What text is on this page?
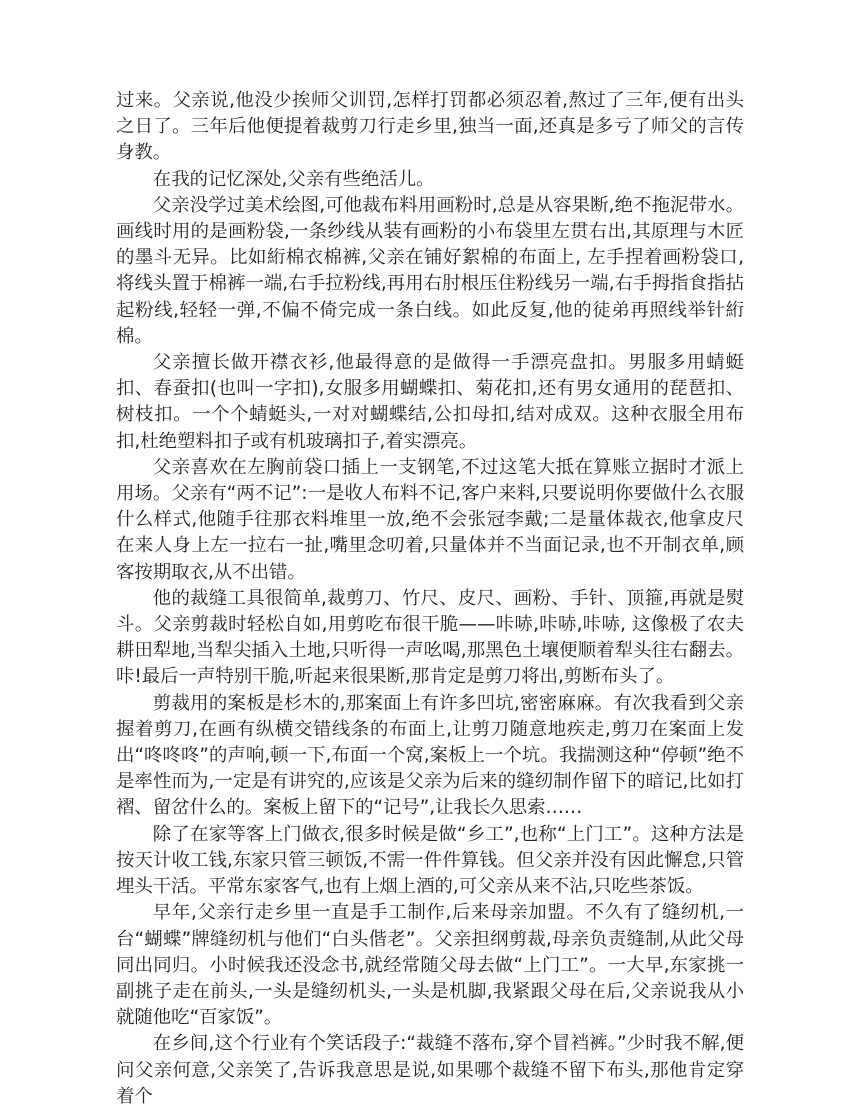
过来。父亲说,他没少挨师父训罚,怎样打罚都必须忍着,熬过了三年,便有出头之日了。三年后他便提着裁剪刀行走乡里,独当一面,还真是多亏了师父的言传身教。

在我的记忆深处,父亲有些绝活儿。

父亲没学过美术绘图,可他裁布料用画粉时,总是从容果断,绝不拖泥带水。画线时用的是画粉袋,一条纱线从装有画粉的小布袋里左贯右出,其原理与木匠的墨斗无异。比如絎棉衣棉裤,父亲在铺好絮棉的布面上, 左手捏着画粉袋口,将线头置于棉裤一端,右手拉粉线,再用右肘根压住粉线另一端,右手拇指食指拈起粉线,轻轻一弹,不偏不倚完成一条白线。如此反复,他的徒弟再照线举针絎棉。

父亲擅长做开襟衣衫,他最得意的是做得一手漂亮盘扣。男服多用蜻蜓扣、春蚕扣(也叫一字扣),女服多用蝴蝶扣、菊花扣,还有男女通用的琵琶扣、树枝扣。一个个蜻蜓头,一对对蝴蝶结,公扣母扣,结对成双。这种衣服全用布扣,杜绝塑料扣子或有机玻璃扣子,着实漂亮。

父亲喜欢在左胸前袋口插上一支钢笔,不过这笔大抵在算账立据时才派上用场。父亲有“两不记”:一是收人布料不记,客户来料,只要说明你要做什么衣服什么样式,他随手往那衣料堆里一放,绝不会张冠李戴;二是量体裁衣,他拿皮尺在来人身上左一拉右一扯,嘴里念叨着,只量体并不当面记录,也不开制衣单,顾客按期取衣,从不出错。

他的裁缝工具很简单,裁剪刀、竹尺、皮尺、画粉、手针、顶箍,再就是熨斗。父亲剪裁时轻松自如,用剪吃布很干脆——咔哧,咔哧,咔哧, 这像极了农夫耕田犁地,当犁尖插入土地,只听得一声吆喝,那黑色土壤便顺着犁头往右翻去。咔!最后一声特别干脆,听起来很果断,那肯定是剪刀将出,剪断布头了。

剪裁用的案板是杉木的,那案面上有许多凹坑,密密麻麻。有次我看到父亲握着剪刀,在画有纵横交错线条的布面上,让剪刀随意地疾走,剪刀在案面上发出“咚咚咚”的声响,顿一下,布面一个窝,案板上一个坑。我揣测这种“停顿”绝不是率性而为,一定是有讲究的,应该是父亲为后来的缝纫制作留下的暗记,比如打褶、留岔什么的。案板上留下的“记号”,让我长久思索……

除了在家等客上门做衣,很多时候是做“乡工”,也称“上门工”。这种方法是按天计收工钱,东家只管三顿饭,不需一件件算钱。但父亲并没有因此懈怠,只管埋头干活。平常东家客气,也有上烟上酒的,可父亲从来不沾,只吃些茶饭。

早年,父亲行走乡里一直是手工制作,后来母亲加盟。不久有了缝纫机,一台“蝴蝶”牌缝纫机与他们“白头偕老”。父亲担纲剪裁,母亲负责缝制,从此父母同出同归。小时候我还没念书,就经常随父母去做“上门工”。一大早,东家挑一副挑子走在前头,一头是缝纫机头,一头是机脚,我紧跟父母在后,父亲说我从小就随他吃“百家饭”。

在乡间,这个行业有个笑话段子:“裁缝不落布,穿个冒裆裤。”少时我不解,便问父亲何意,父亲笑了,告诉我意思是说,如果哪个裁缝不留下布头,那他肯定穿着个
